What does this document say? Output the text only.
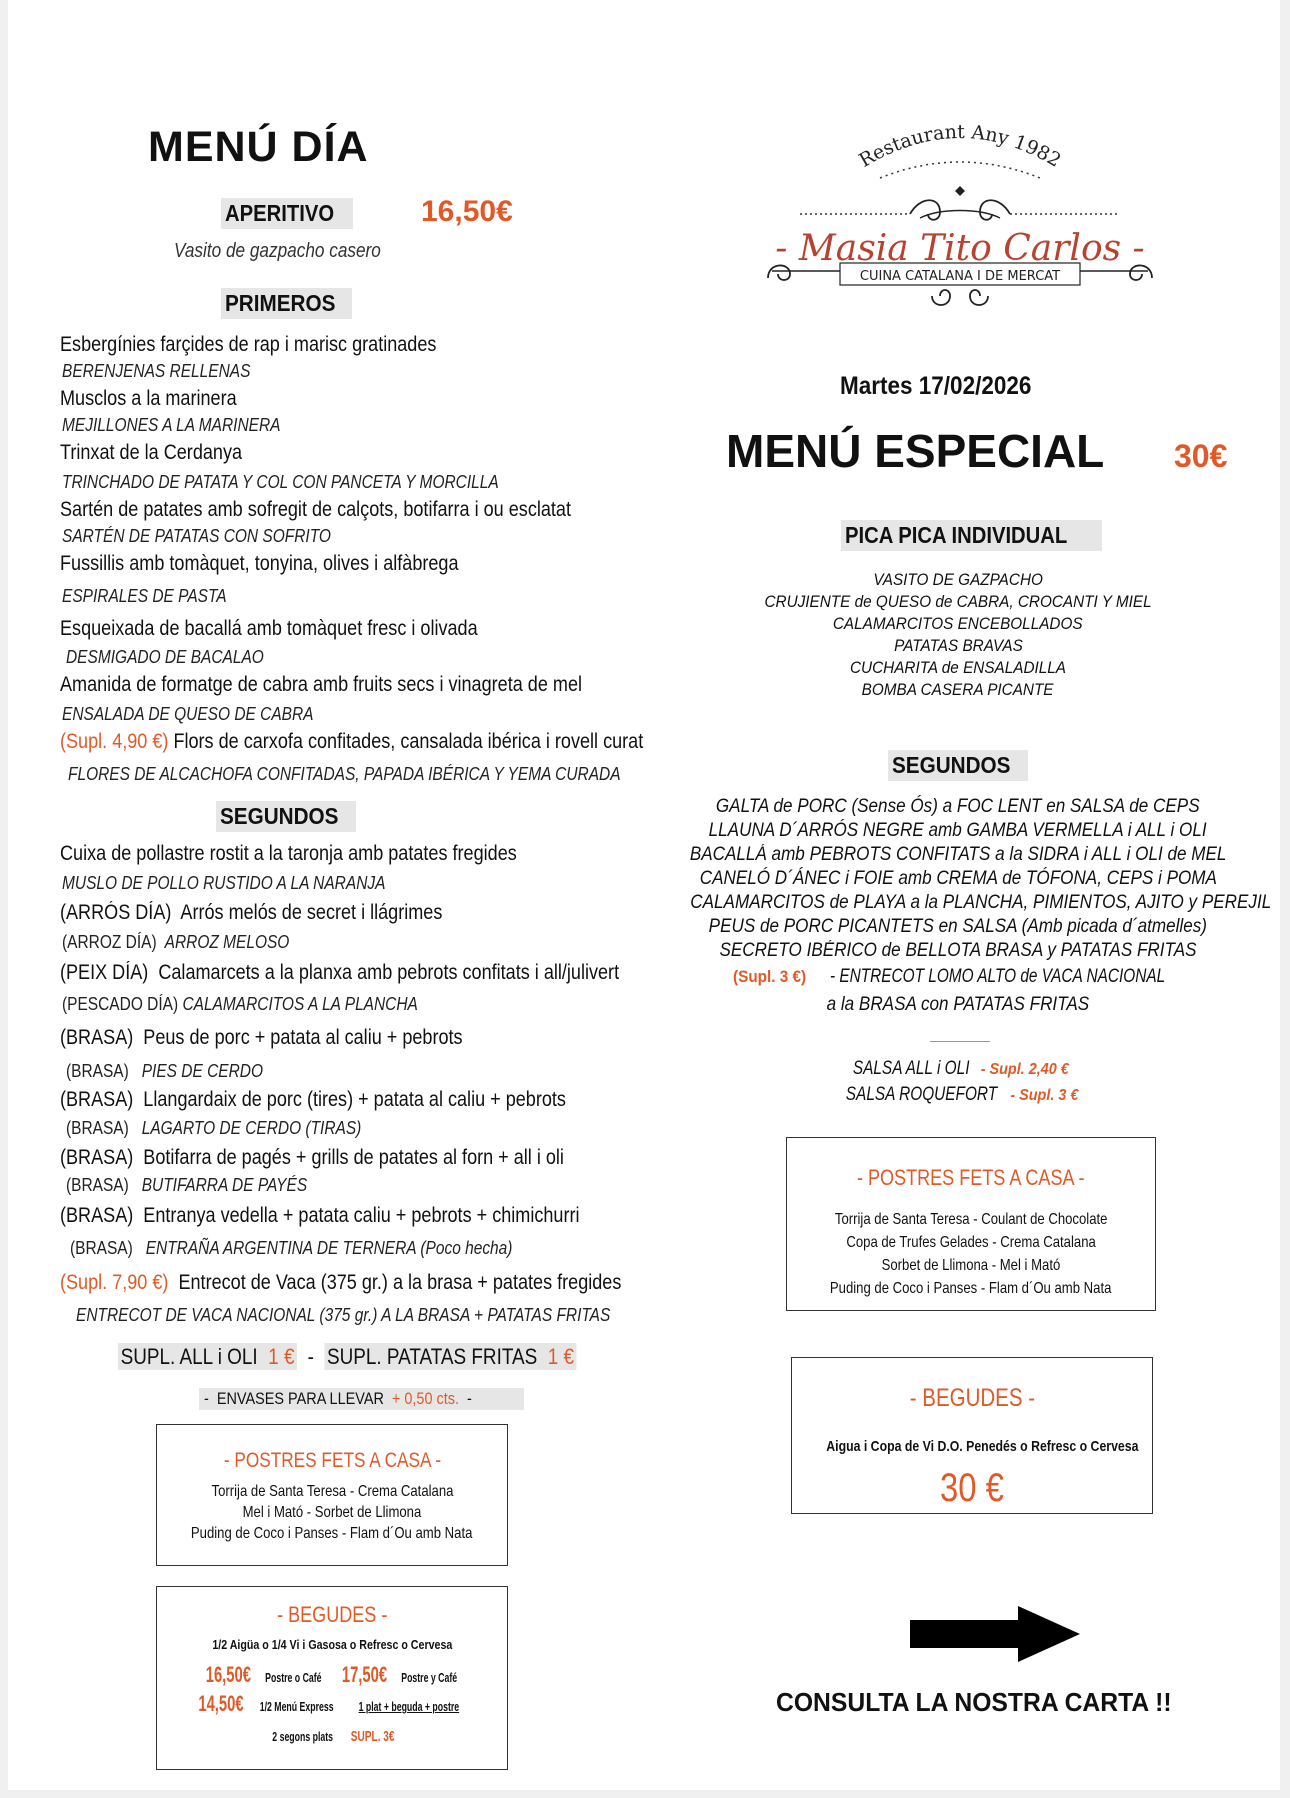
MENÚ DÍA
APERITIVO	16,50€
Vasito de gazpacho casero
PRIMEROS
Esbergínies farçides de rap i marisc gratinades
BERENJENAS RELLENAS
Musclos a la marinera
MEJILLONES A LA MARINERA
Trinxat de la Cerdanya
TRINCHADO DE PATATA Y COL CON PANCETA Y MORCILLA
Sartén de patates amb sofregit de calçots, botifarra i ou esclatat
SARTÉN DE PATATAS CON SOFRITO
Fussillis amb tomàquet, tonyina, olives i alfàbrega
ESPIRALES DE PASTA
Esqueixada de bacallá amb tomàquet fresc i olivada
DESMIGADO DE BACALAO
Amanida de formatge de cabra amb fruits secs i vinagreta de mel
ENSALADA DE QUESO DE CABRA
(Supl. 4,90 €) Flors de carxofa confitades, cansalada ibérica i rovell curat
FLORES DE ALCACHOFA CONFITADAS, PAPADA IBÉRICA Y YEMA CURADA
SEGUNDOS
Cuixa de pollastre rostit a la taronja amb patates fregides
MUSLO DE POLLO RUSTIDO A LA NARANJA
(ARRÓS DÍA) Arrós melós de secret i llágrimes
(ARROZ DÍA) ARROZ MELOSO
(PEIX DÍA) Calamarcets a la planxa amb pebrots confitats i all/julivert
(PESCADO DÍA) CALAMARCITOS A LA PLANCHA
(BRASA) Peus de porc + patata al caliu + pebrots
(BRASA) PIES DE CERDO
(BRASA) Llangardaix de porc (tires) + patata al caliu + pebrots
(BRASA) LAGARTO DE CERDO (TIRAS)
(BRASA) Botifarra de pagés + grills de patates al forn + all i oli
(BRASA) BUTIFARRA DE PAYÉS
(BRASA) Entranya vedella + patata caliu + pebrots + chimichurri
(BRASA) ENTRAÑA ARGENTINA DE TERNERA (Poco hecha)
(Supl. 7,90 €) Entrecot de Vaca (375 gr.) a la brasa + patates fregides
ENTRECOT DE VACA NACIONAL (375 gr.) A LA BRASA + PATATAS FRITAS
SUPL. ALL i OLI 1 € - SUPL. PATATAS FRITAS 1 €
-  ENVASES PARA LLEVAR + 0,50 cts.  -
- POSTRES FETS A CASA -
Torrija de Santa Teresa - Crema Catalana
Mel i Mató - Sorbet de Llimona
Puding de Coco i Panses - Flam d´Ou amb Nata
- BEGUDES -
1/2 Aigüa o 1/4 Vi i Gasosa o Refresc o Cervesa
16,50€ Postre o Café 17,50€ Postre y Café
14,50€ 1/2 Menú Express 1 plat + beguda + postre
2 segons plats SUPL. 3€
Restaurant Any 1982
- Masia Tito Carlos -
CUINA CATALANA I DE MERCAT
Martes 17/02/2026
MENÚ ESPECIAL 30€
PICA PICA INDIVIDUAL
VASITO DE GAZPACHO
CRUJIENTE de QUESO de CABRA, CROCANTI Y MIEL
CALAMARCITOS ENCEBOLLADOS
PATATAS BRAVAS
CUCHARITA de ENSALADILLA
BOMBA CASERA PICANTE
SEGUNDOS
GALTA de PORC (Sense Ós) a FOC LENT en SALSA de CEPS
LLAUNA D´ARRÓS NEGRE amb GAMBA VERMELLA i ALL i OLI
BACALLÁ amb PEBROTS CONFITATS a la SIDRA i ALL i OLI de MEL
CANELÓ D´ÁNEC i FOIE amb CREMA de TÓFONA, CEPS i POMA
CALAMARCITOS de PLAYA a la PLANCHA, PIMIENTOS, AJITO y PEREJIL
PEUS de PORC PICANTETS en SALSA (Amb picada d´atmelles)
SECRETO IBÉRICO de BELLOTA BRASA y PATATAS FRITAS
(Supl. 3 €) - ENTRECOT LOMO ALTO de VACA NACIONAL
a la BRASA con PATATAS FRITAS
SALSA ALL i OLI - Supl. 2,40 €
SALSA ROQUEFORT - Supl. 3 €
- POSTRES FETS A CASA -
Torrija de Santa Teresa - Coulant de Chocolate
Copa de Trufes Gelades - Crema Catalana
Sorbet de Llimona - Mel i Mató
Puding de Coco i Panses - Flam d´Ou amb Nata
- BEGUDES -
Aigua i Copa de Vi D.O. Penedés o Refresc o Cervesa
30 €
CONSULTA LA NOSTRA CARTA !!
